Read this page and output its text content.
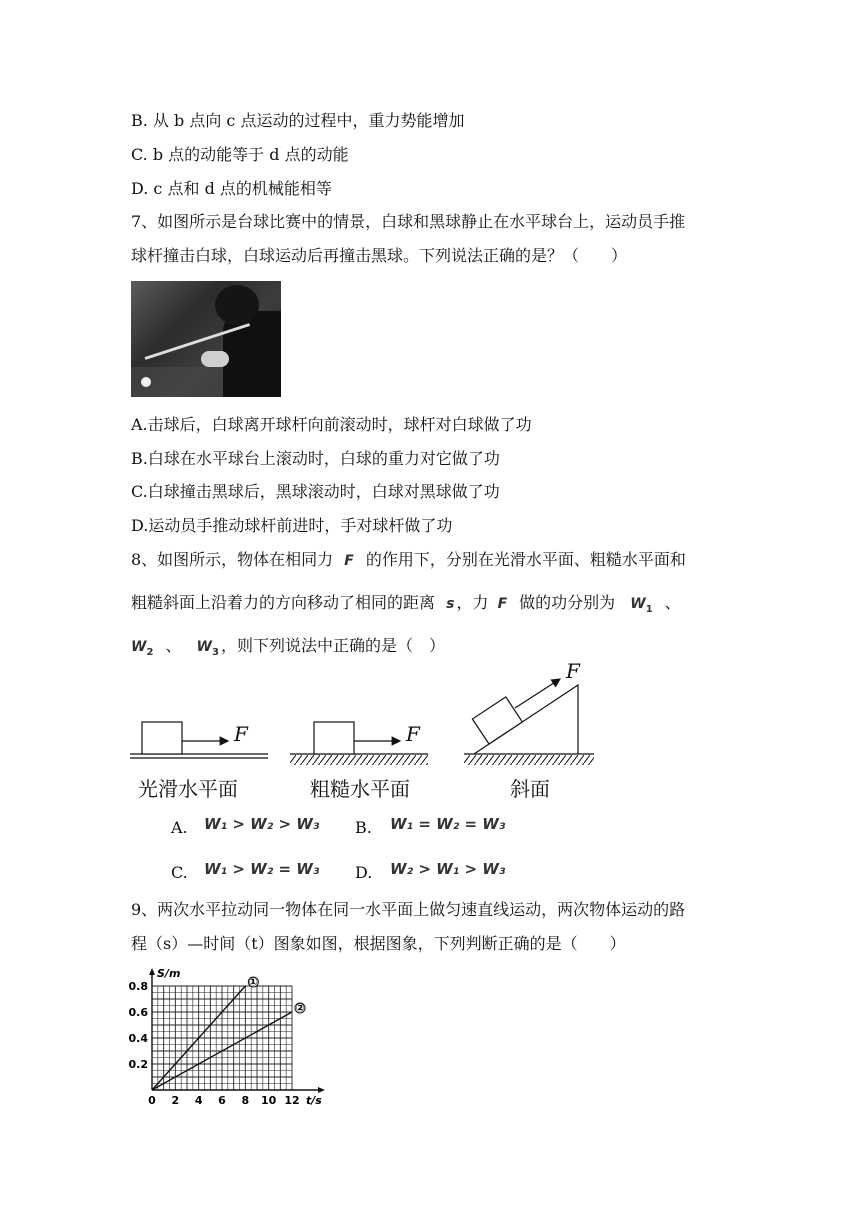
B. 从 b 点向 c 点运动的过程中，重力势能增加
C. b 点的动能等于 d 点的动能
D. c 点和 d 点的机械能相等
7、如图所示是台球比赛中的情景，白球和黑球静止在水平球台上，运动员手推
球杆撞击白球，白球运动后再撞击黑球。下列说法正确的是？（　　）
A.击球后，白球离开球杆向前滚动时，球杆对白球做了功
B.白球在水平球台上滚动时，白球的重力对它做了功
C.白球撞击黑球后，黑球滚动时，白球对黑球做了功
D.运动员手推动球杆前进时，手对球杆做了功
8、如图所示，物体在相同力 F 的作用下，分别在光滑水平面、粗糙水平面和
粗糙斜面上沿着力的方向移动了相同的距离 s ，力 F 做的功分别为 $W_1$ 、
$W_2$ 、 $W_3$ ，则下列说法中正确的是（　）
F	F
F
光滑水平面	粗糙水平面	斜面
A. W₁ > W₂ > W₃ B. W₁ = W₂ = W₃
C. W₁ > W₂ = W₃ D. W₂ > W₁ > W₃
9、两次水平拉动同一物体在同一水平面上做匀速直线运动，两次物体运动的路
程（s）—时间（t）图象如图，根据图象，下列判断正确的是（　　）
①
②
0 2 4 6 8 10 12
0.2
0.4
0.6
0.8
S/m
t/s
